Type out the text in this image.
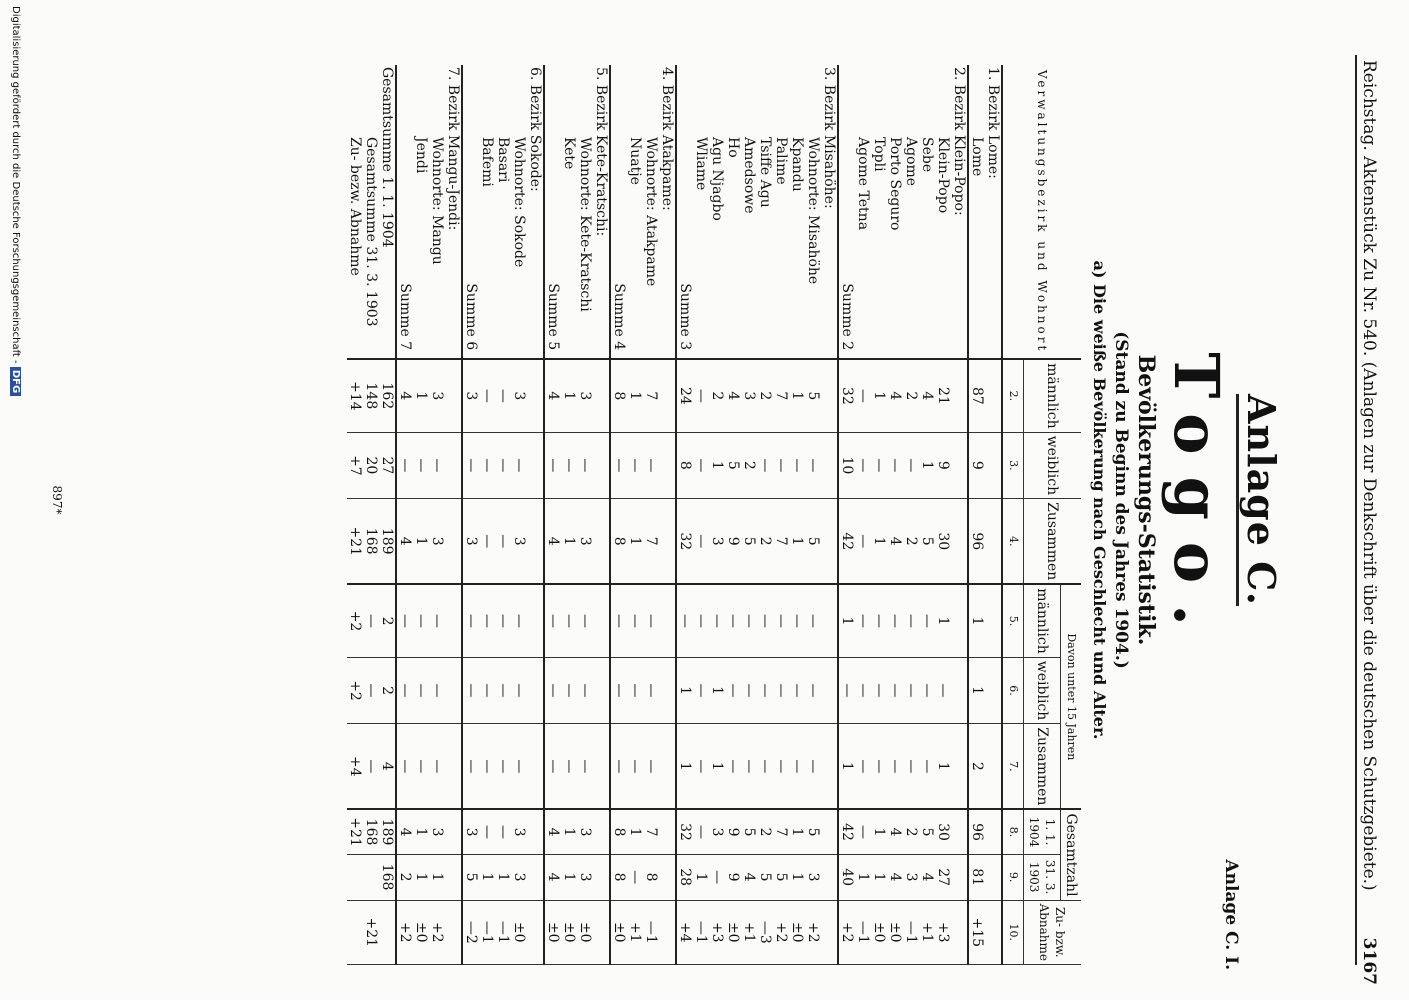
Reichstag. Aktenstück Zu Nr. 540. (Anlagen zur Denkschrift über die deutschen Schutzgebiete.)
3167
Anlage C.
Anlage C. I.
Togo.
Bevölkerungs-Statistik.
(Stand zu Beginn des Jahres 1904.)
a) Die weiße Bevölkerung nach Geschlecht und Alter.
Verwaltungsbezirk und Wohnort	männlich	weiblich	Zusammen	Davon unter 15 Jahren			Gesamtzahl		Zu- bzw. Abnahme
				männlich	weiblich	Zusammen	1. 1. 1904	31. 3. 1903	
	2.	3.	4.	5.	6.	7.	8.	9.	10.
1. Bezirk Lome:									
Lome	87	9	96	1	1	2	96	81	+15
2. Bezirk Klein-Popo:									
Klein-Popo	21	9	30	1	—	1	30	27	+3
Sebe	4	1	5	—	—	—	5	4	+1
Agome	2	—	2	—	—	—	2	3	—1
Porto Seguro	4	—	4	—	—	—	4	4	±0
Topli	1	—	1	—	—	—	1	1	±0
Agome Tetna	—	—	—	—	—	—	—	1	—1

Summe 2	32	10	42	1	—	1	42	40	+2
3. Bezirk Misahöhe:									
Wohnorte: Misahöhe	5	—	5	—	—	—	5	3	+2
Kpandu	1	—	1	—	—	—	1	1	±0
Palime	7	—	7	—	—	—	7	5	+2
Tsiffe Agu	2	—	2	—	—	—	2	5	—3
Amedsowe	3	2	5	—	—	—	5	4	+1
Ho	4	5	9	—	—	—	9	9	±0
Agu Njagbo	2	1	3	—	1	1	3	—	+3
Wliame	—	—	—	—	—	—	—	1	—1

Summe 3	24	8	32	—	1	1	32	28	+4
4. Bezirk Atakpame:									
Wohnorte: Atakpame	7	—	7	—	—	—	7	8	—1
Nuatje	1	—	1	—	—	—	1	—	+1

Summe 4	8	—	8	—	—	—	8	8	±0
5. Bezirk Kete-Kratschi:									
Wohnorte: Kete-Kratschi	3	—	3	—	—	—	3	3	±0
Kete	1	—	1	—	—	—	1	1	±0

Summe 5	4	—	4	—	—	—	4	4	±0
6. Bezirk Sokode:									
Wohnorte: Sokode	3	—	3	—	—	—	3	3	±0
Basari	—	—	—	—	—	—	—	1	—1
Bafemi	—	—	—	—	—	—	—	1	—1

Summe 6	3	—	3	—	—	—	3	5	—2
7. Bezirk Mangu-Jendi:									
Wohnorte: Mangu	3	—	3	—	—	—	3	1	+2
Jendi	1	—	1	—	—	—	1	1	±0

Summe 7	4	—	4	—	—	—	4	2	+2
Gesamtsumme 1. 1. 1904	162	27	189	2	2	4	189	168	
Gesamtsumme 31. 3. 1903	148	20	168	—	—	—	168		+21
Zu- bezw. Abnahme	+14	+7	+21	+2	+2	+4	+21		
897*
Digitalisierung gefördert durch die Deutsche Forschungsgemeinschaft - DFG
